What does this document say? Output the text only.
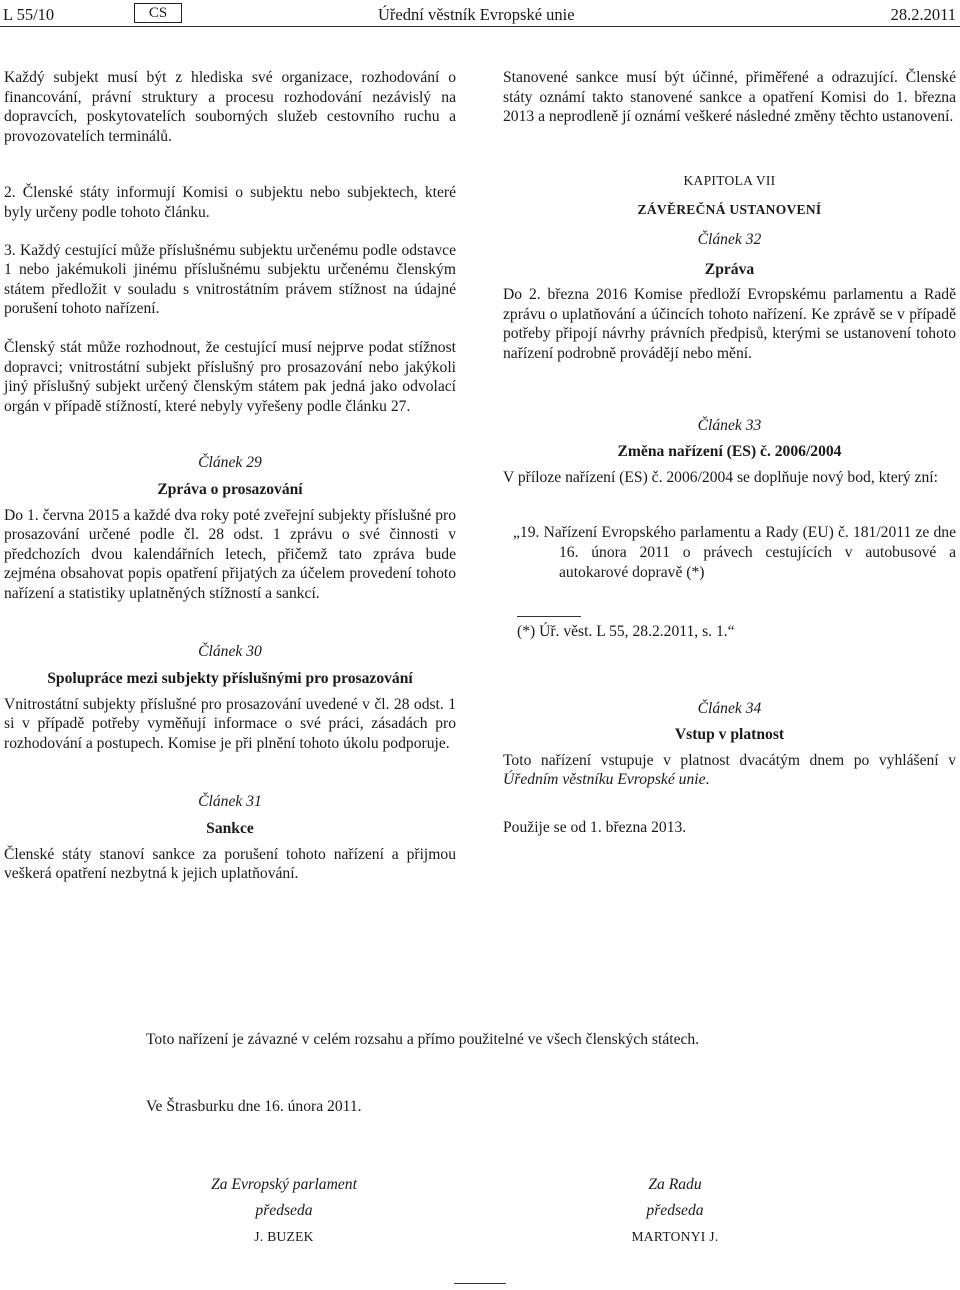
L 55/10	CS	Úřední věstník Evropské unie	28.2.2011

Každý subjekt musí být z hlediska své organizace, rozhodování o financování, právní struktury a procesu rozhodování nezávislý na dopravcích, poskytovatelích souborných služeb cestovního ruchu a provozovatelích terminálů.

2. Členské státy informují Komisi o subjektu nebo subjektech, které byly určeny podle tohoto článku.

3. Každý cestující může příslušnému subjektu určenému podle odstavce 1 nebo jakémukoli jinému příslušnému subjektu určenému členským státem předložit v souladu s vnitrostátním právem stížnost na údajné porušení tohoto nařízení.

Členský stát může rozhodnout, že cestující musí nejprve podat stížnost dopravci; vnitrostátní subjekt příslušný pro prosazování nebo jakýkoli jiný příslušný subjekt určený členským státem pak jedná jako odvolací orgán v případě stížností, které nebyly vyřešeny podle článku 27.

Článek 29

Zpráva o prosazování

Do 1. června 2015 a každé dva roky poté zveřejní subjekty příslušné pro prosazování určené podle čl. 28 odst. 1 zprávu o své činnosti v předchozích dvou kalendářních letech, přičemž tato zpráva bude zejména obsahovat popis opatření přijatých za účelem provedení tohoto nařízení a statistiky uplatněných stížností a sankcí.

Článek 30

Spolupráce mezi subjekty příslušnými pro prosazování

Vnitrostátní subjekty příslušné pro prosazování uvedené v čl. 28 odst. 1 si v případě potřeby vyměňují informace o své práci, zásadách pro rozhodování a postupech. Komise je při plnění tohoto úkolu podporuje.

Článek 31

Sankce

Členské státy stanoví sankce za porušení tohoto nařízení a přijmou veškerá opatření nezbytná k jejich uplatňování.

Stanovené sankce musí být účinné, přiměřené a odrazující. Členské státy oznámí takto stanovené sankce a opatření Komisi do 1. března 2013 a neprodleně jí oznámí veškeré následné změny těchto ustanovení.

KAPITOLA VII

ZÁVĚREČNÁ USTANOVENÍ

Článek 32

Zpráva

Do 2. března 2016 Komise předloží Evropskému parlamentu a Radě zprávu o uplatňování a účincích tohoto nařízení. Ke zprávě se v případě potřeby připojí návrhy právních předpisů, kterými se ustanovení tohoto nařízení podrobně provádějí nebo mění.

Článek 33

Změna nařízení (ES) č. 2006/2004

V příloze nařízení (ES) č. 2006/2004 se doplňuje nový bod, který zní:

„19. Nařízení Evropského parlamentu a Rady (EU) č. 181/2011 ze dne 16. února 2011 o právech cestujících v autobusové a autokarové dopravě (*)

(*) Úř. věst. L 55, 28.2.2011, s. 1.“

Článek 34

Vstup v platnost

Toto nařízení vstupuje v platnost dvacátým dnem po vyhlášení v Úředním věstníku Evropské unie.

Použije se od 1. března 2013.

Toto nařízení je závazné v celém rozsahu a přímo použitelné ve všech členských státech.

Ve Štrasburku dne 16. února 2011.

Za Evropský parlament
předseda
J. BUZEK
Za Radu
předseda
MARTONYI J.
